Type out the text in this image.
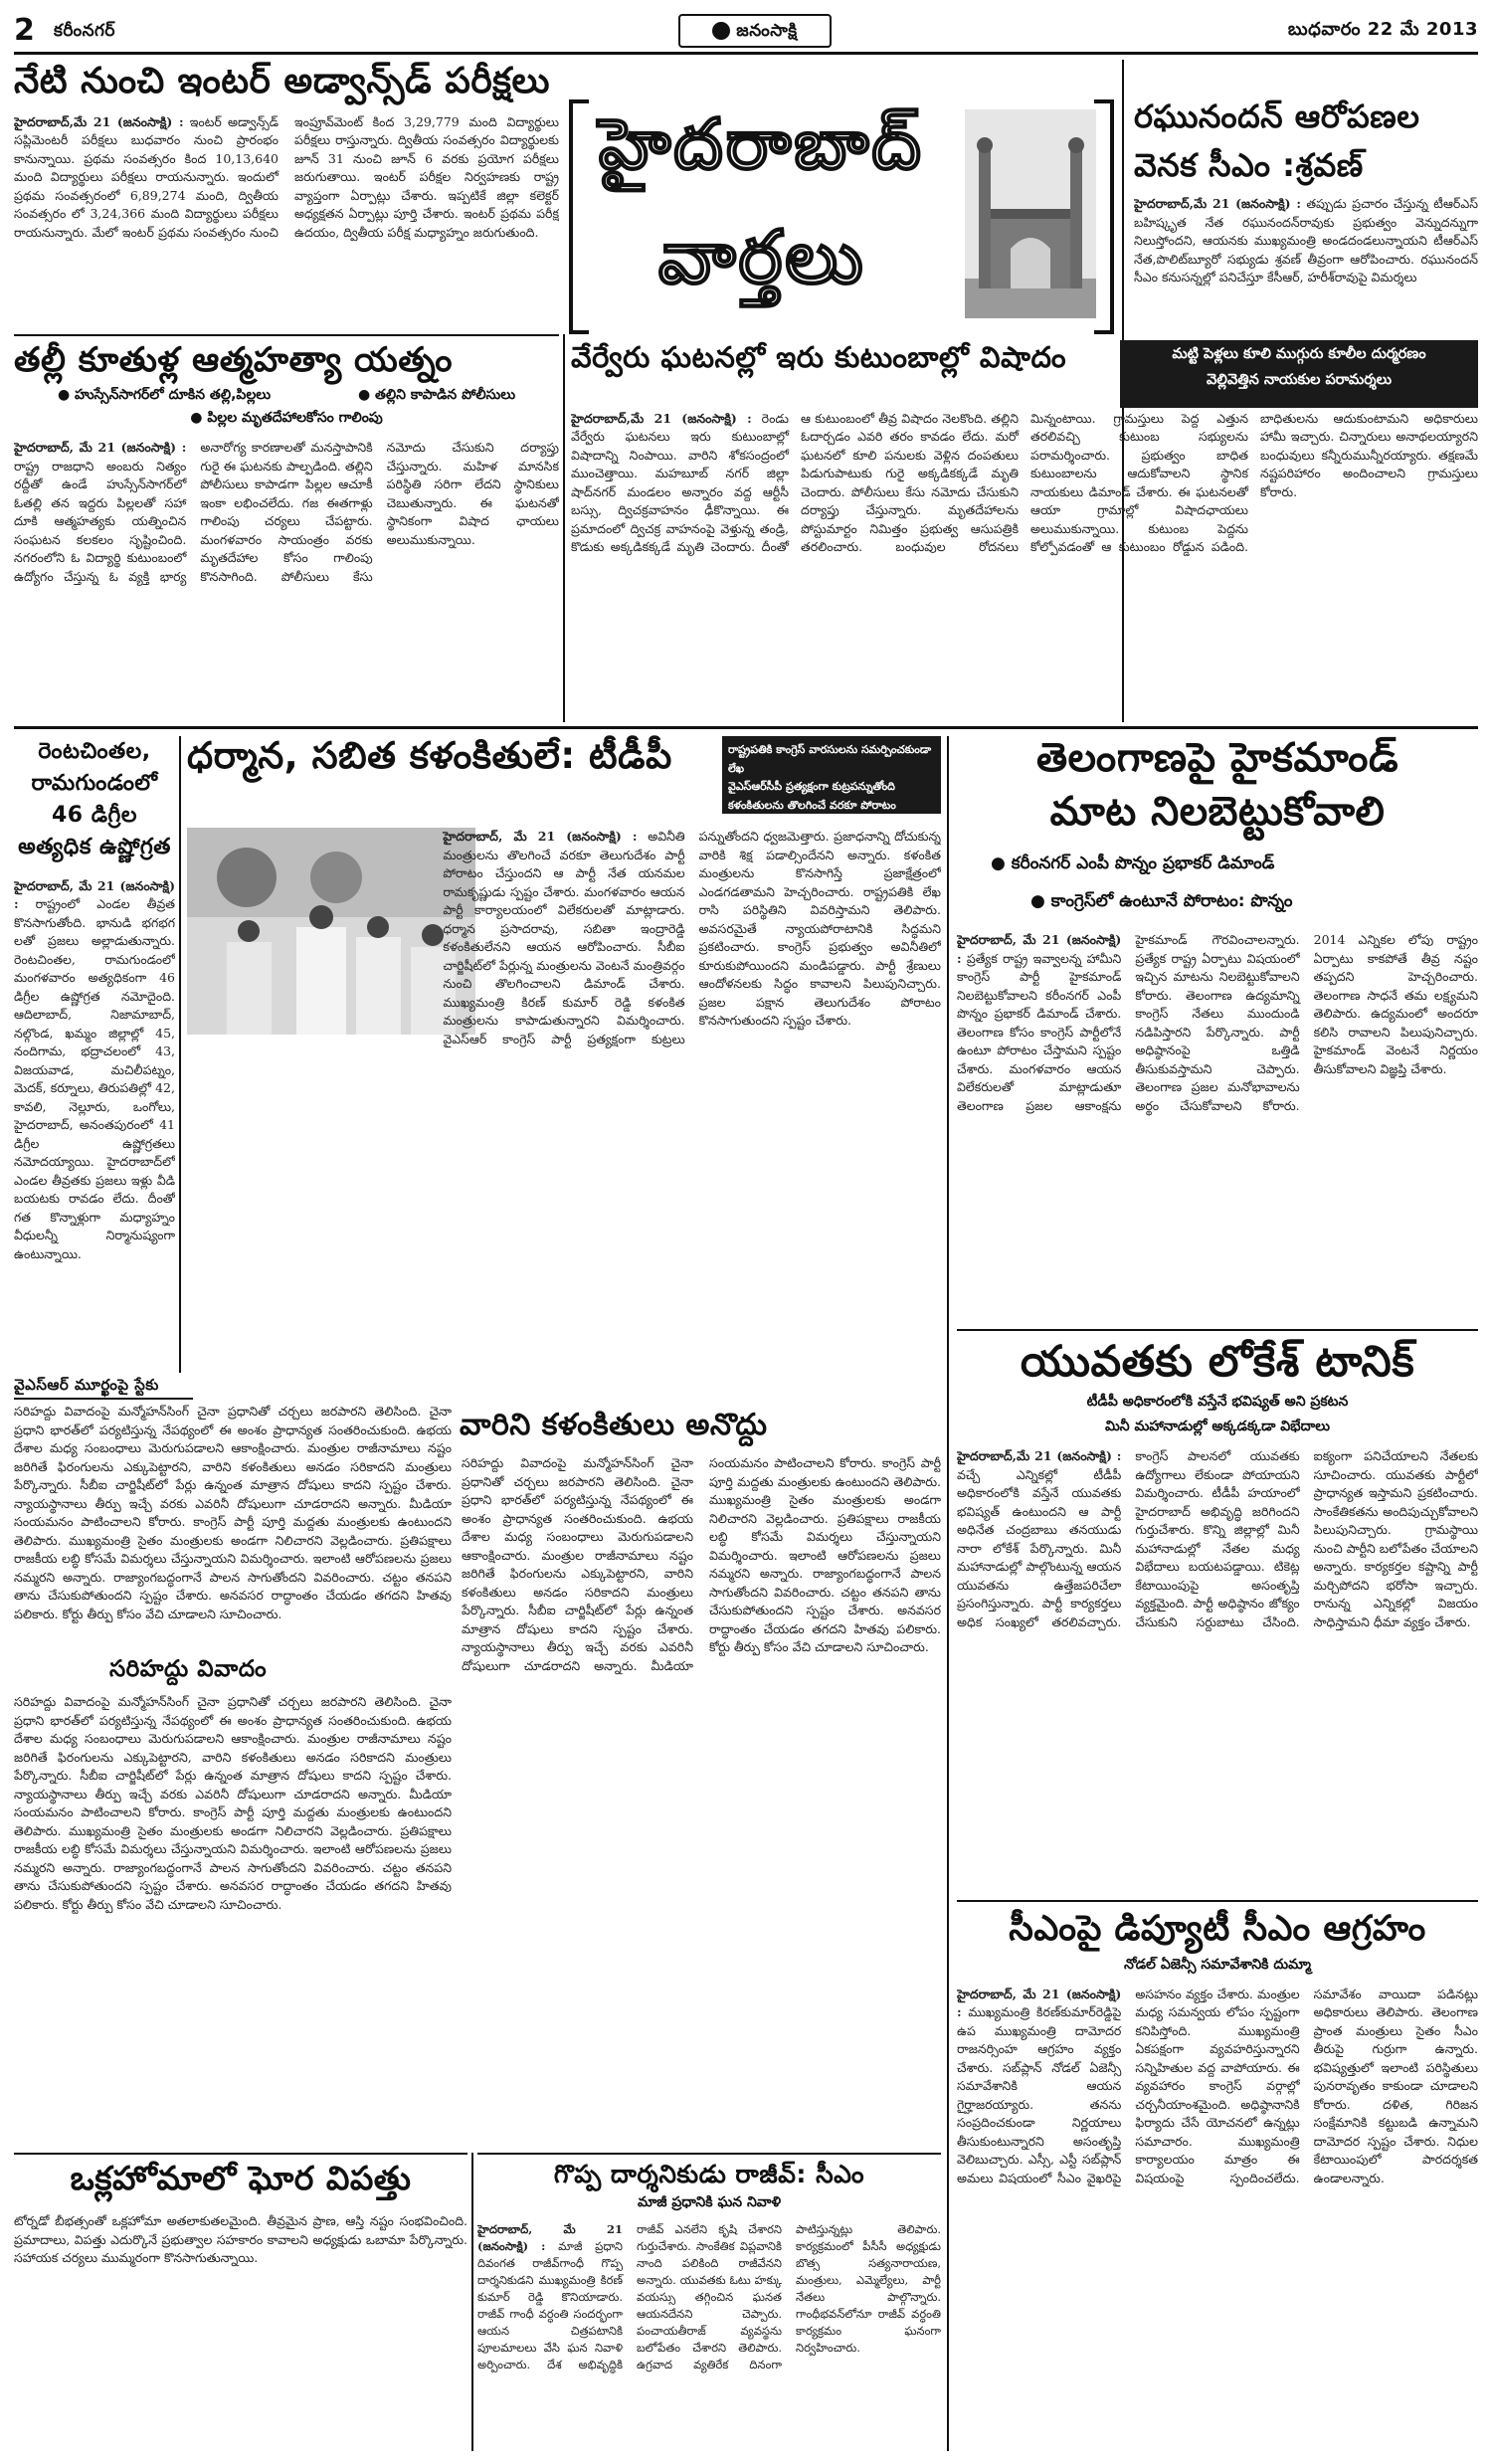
2 కరీంనగర్	జనంసాక్షి	బుధవారం 22 మే 2013
నేటి నుంచి ఇంటర్ అడ్వాన్స్‌డ్ పరీక్షలు
హైదరాబాద్,మే 21 (జనంసాక్షి) : ఇంటర్ అడ్వాన్స్‌డ్ సప్లిమెంటరీ పరీక్షలు బుధవారం నుంచి ప్రారంభం కానున్నాయి. ప్రథమ సంవత్సరం కింద 10,13,640 మంది విద్యార్థులు పరీక్షలు రాయనున్నారు. ఇందులో ప్రథమ సంవత్సరంలో 6,89,274 మంది, ద్వితీయ సంవత్సరం లో 3,24,366 మంది విద్యార్థులు పరీక్షలు రాయనున్నారు. మేలో ఇంటర్ ప్రథమ సంవత్సరం నుంచి ఇంప్రూవ్‌మెంట్ కింద 3,29,779 మంది విద్యార్థులు పరీక్షలు రాస్తున్నారు. ద్వితీయ సంవత్సరం విద్యార్థులకు జూన్ 31 నుంచి జూన్ 6 వరకు ప్రయోగ పరీక్షలు జరుగుతాయి. ఇంటర్ పరీక్షల నిర్వహణకు రాష్ట్ర వ్యాప్తంగా ఏర్పాట్లు చేశారు. ఇప్పటికే జిల్లా కలెక్టర్ అధ్యక్షతన ఏర్పాట్లు పూర్తి చేశారు. ఇంటర్ ప్రథమ పరీక్ష ఉదయం, ద్వితీయ పరీక్ష మధ్యాహ్నం జరుగుతుంది.
హైదరాబాద్
వార్తలు
రఘునందన్ ఆరోపణల
వెనక సీఎం :శ్రవణ్
హైదరాబాద్,మే 21 (జనంసాక్షి) : తప్పుడు ప్రచారం చేస్తున్న టీఆర్ఎస్ బహిష్కృత నేత రఘునందన్‌రావుకు ప్రభుత్వం వెన్నుదన్నుగా నిలుస్తోందని, ఆయనకు ముఖ్యమంత్రి అండదండలున్నాయని టీఆర్ఎస్ నేత,పొలిట్‌బ్యూరో సభ్యుడు శ్రవణ్ తీవ్రంగా ఆరోపించారు. రఘునందన్ సీఎం కనుసన్నల్లో పనిచేస్తూ కేసీఆర్, హరీశ్‌రావుపై విమర్శలు
తల్లీ కూతుళ్ల ఆత్మహత్యా యత్నం
● హుస్సేన్‌సాగర్‌లో దూకిన తల్లి,పిల్లలు
●	తల్లిని కాపాడిన పోలీసులు
● పిల్లల మృతదేహాలకోసం గాలింపు
హైదరాబాద్, మే 21 (జనంసాక్షి) : రాష్ట్ర రాజధాని అంబరు నిత్యం రద్దీతో ఉండే హుస్సేన్‌సాగర్‌లో ఓతల్లి తన ఇద్దరు పిల్లలతో సహా దూకి ఆత్మహత్యకు యత్నించిన సంఘటన కలకలం సృష్టించింది. నగరంలోని ఓ విద్యార్థి కుటుంబంలో ఉద్యోగం చేస్తున్న ఓ వ్యక్తి భార్య అనారోగ్య కారణాలతో మనస్తాపానికి గురై ఈ ఘటనకు పాల్పడింది. తల్లిని పోలీసులు కాపాడగా పిల్లల ఆచూకీ ఇంకా లభించలేదు. గజ ఈతగాళ్లు గాలింపు చర్యలు చేపట్టారు. మంగళవారం సాయంత్రం వరకు మృతదేహాల కోసం గాలింపు కొనసాగింది. పోలీసులు కేసు నమోదు చేసుకుని దర్యాప్తు చేస్తున్నారు. మహిళ మానసిక పరిస్థితి సరిగా లేదని స్థానికులు చెబుతున్నారు. ఈ ఘటనతో స్థానికంగా విషాద ఛాయలు అలుముకున్నాయి.
వేర్వేరు ఘటనల్లో ఇరు కుటుంబాల్లో విషాదం	మట్టి పెళ్లలు కూలి ముగ్గురు కూలీల దుర్మరణం
వెల్లివెత్తిన నాయకుల పరామర్శలు
హైదరాబాద్,మే 21 (జనంసాక్షి) : రెండు వేర్వేరు ఘటనలు ఇరు కుటుంబాల్లో విషాదాన్ని నింపాయి. వారిని శోకసంద్రంలో ముంచెత్తాయి. మహబూబ్ నగర్ జిల్లా షాద్‌నగర్ మండలం అన్నారం వద్ద ఆర్టీసీ బస్సు, ద్విచక్రవాహనం ఢీకొన్నాయి. ఈ ప్రమాదంలో ద్విచక్ర వాహనంపై వెళ్తున్న తండ్రి, కొడుకు అక్కడికక్కడే మృతి చెందారు. దీంతో ఆ కుటుంబంలో తీవ్ర విషాదం నెలకొంది. తల్లిని ఓదార్చడం ఎవరి తరం కావడం లేదు. మరో ఘటనలో కూలి పనులకు వెళ్లిన దంపతులు పిడుగుపాటుకు గురై అక్కడికక్కడే మృతి చెందారు. పోలీసులు కేసు నమోదు చేసుకుని దర్యాప్తు చేస్తున్నారు. మృతదేహాలను పోస్టుమార్టం నిమిత్తం ప్రభుత్వ ఆసుపత్రికి తరలించారు. బంధువుల రోదనలు మిన్నంటాయి. గ్రామస్తులు పెద్ద ఎత్తున తరలివచ్చి కుటుంబ సభ్యులను పరామర్శించారు. ప్రభుత్వం బాధిత కుటుంబాలను ఆదుకోవాలని స్థానిక నాయకులు డిమాండ్ చేశారు. ఈ ఘటనలతో ఆయా గ్రామాల్లో విషాదఛాయలు అలుముకున్నాయి. కుటుంబ పెద్దను కోల్పోవడంతో ఆ కుటుంబం రోడ్డున పడింది. బాధితులను ఆదుకుంటామని అధికారులు హామీ ఇచ్చారు. చిన్నారులు అనాథలయ్యారని బంధువులు కన్నీరుమున్నీరయ్యారు. తక్షణమే నష్టపరిహారం అందించాలని గ్రామస్తులు కోరారు.
రెంటచింతల, రామగుండంలో 46 డిగ్రీల అత్యధిక ఉష్ణోగ్రత
హైదరాబాద్, మే 21 (జనంసాక్షి) : రాష్ట్రంలో ఎండల తీవ్రత కొనసాగుతోంది. భానుడి భగభగ లతో ప్రజలు అల్లాడుతున్నారు. రెంటచింతల, రామగుండంలో మంగళవారం అత్యధికంగా 46 డిగ్రీల ఉష్ణోగ్రత నమోదైంది. ఆదిలాబాద్, నిజామాబాద్, నల్గొండ, ఖమ్మం జిల్లాల్లో 45, నందిగామ, భద్రాచలంలో 43, విజయవాడ, మచిలీపట్నం, మెదక్, కర్నూలు, తిరుపతిల్లో 42, కావలి, నెల్లూరు, ఒంగోలు, హైదరాబాద్, అనంతపురంలో 41 డిగ్రీల ఉష్ణోగ్రతలు నమోదయ్యాయి. హైదరాబాద్‌లో ఎండల తీవ్రతకు ప్రజలు ఇళ్లు వీడి బయటకు రావడం లేదు. దీంతో గత కొన్నాళ్లుగా మధ్యాహ్నం వీధులన్నీ నిర్మానుష్యంగా ఉంటున్నాయి.
ధర్మాన, సబిత కళంకితులే: టీడీపీ	రాష్ట్రపతికి కాంగ్రెస్ వారసులను సమర్పించకుండా లేఖ
వైఎస్ఆర్‌సీపీ ప్రత్యక్షంగా కుట్రపన్నుతోంది
కళంకితులను తొలగించే వరకూ పోరాటం
హైదరాబాద్, మే 21 (జనంసాక్షి) : అవినీతి మంత్రులను తొలగించే వరకూ తెలుగుదేశం పార్టీ పోరాటం చేస్తుందని ఆ పార్టీ నేత యనమల రామకృష్ణుడు స్పష్టం చేశారు. మంగళవారం ఆయన పార్టీ కార్యాలయంలో విలేకరులతో మాట్లాడారు. ధర్మాన ప్రసాదరావు, సబితా ఇంద్రారెడ్డి కళంకితులేనని ఆయన ఆరోపించారు. సీబీఐ చార్జిషీట్‌లో పేర్లున్న మంత్రులను వెంటనే మంత్రివర్గం నుంచి తొలగించాలని డిమాండ్ చేశారు. ముఖ్యమంత్రి కిరణ్ కుమార్ రెడ్డి కళంకిత మంత్రులను కాపాడుతున్నారని విమర్శించారు. వైఎస్ఆర్ కాంగ్రెస్ పార్టీ ప్రత్యక్షంగా కుట్రలు పన్నుతోందని ధ్వజమెత్తారు. ప్రజాధనాన్ని దోచుకున్న వారికి శిక్ష పడాల్సిందేనని అన్నారు. కళంకిత మంత్రులను కొనసాగిస్తే ప్రజాక్షేత్రంలో ఎండగడతామని హెచ్చరించారు. రాష్ట్రపతికి లేఖ రాసి పరిస్థితిని వివరిస్తామని తెలిపారు. అవసరమైతే న్యాయపోరాటానికి సిద్ధమని ప్రకటించారు. కాంగ్రెస్ ప్రభుత్వం అవినీతిలో కూరుకుపోయిందని మండిపడ్డారు. పార్టీ శ్రేణులు ఆందోళనలకు సిద్ధం కావాలని పిలుపునిచ్చారు. ప్రజల పక్షాన తెలుగుదేశం పోరాటం కొనసాగుతుందని స్పష్టం చేశారు.
తెలంగాణపై హైకమాండ్
మాట నిలబెట్టుకోవాలి
● కరీంనగర్ ఎంపీ పొన్నం ప్రభాకర్ డిమాండ్
● కాంగ్రెస్‌లో ఉంటూనే పోరాటం: పొన్నం
హైదరాబాద్, మే 21 (జనంసాక్షి) : ప్రత్యేక రాష్ట్ర ఇవ్వాలన్న హామీని కాంగ్రెస్ పార్టీ హైకమాండ్ నిలబెట్టుకోవాలని కరీంనగర్ ఎంపీ పొన్నం ప్రభాకర్ డిమాండ్ చేశారు. తెలంగాణ కోసం కాంగ్రెస్ పార్టీలోనే ఉంటూ పోరాటం చేస్తామని స్పష్టం చేశారు. మంగళవారం ఆయన విలేకరులతో మాట్లాడుతూ తెలంగాణ ప్రజల ఆకాంక్షను హైకమాండ్ గౌరవించాలన్నారు. ప్రత్యేక రాష్ట్ర ఏర్పాటు విషయంలో ఇచ్చిన మాటను నిలబెట్టుకోవాలని కోరారు. తెలంగాణ ఉద్యమాన్ని కాంగ్రెస్ నేతలు ముందుండి నడిపిస్తారని పేర్కొన్నారు. పార్టీ అధిష్ఠానంపై ఒత్తిడి తీసుకువస్తామని చెప్పారు. తెలంగాణ ప్రజల మనోభావాలను అర్థం చేసుకోవాలని కోరారు. 2014 ఎన్నికల లోపు రాష్ట్రం ఏర్పాటు కాకపోతే తీవ్ర నష్టం తప్పదని హెచ్చరించారు. తెలంగాణ సాధనే తమ లక్ష్యమని తెలిపారు. ఉద్యమంలో అందరూ కలిసి రావాలని పిలుపునిచ్చారు. హైకమాండ్ వెంటనే నిర్ణయం తీసుకోవాలని విజ్ఞప్తి చేశారు.
వైఎస్‌ఆర్ మూర్ఖంపై స్టేకు
వారిని కళంకితులు అనొద్దు
సరిహద్దు వివాదం
సరిహద్దు వివాదంపై మన్మోహన్‌సింగ్ చైనా ప్రధానితో చర్చలు జరపారని తెలిసింది. చైనా ప్రధాని భారత్‌లో పర్యటిస్తున్న నేపథ్యంలో ఈ అంశం ప్రాధాన్యత సంతరించుకుంది. ఉభయ దేశాల మధ్య సంబంధాలు మెరుగుపడాలని ఆకాంక్షించారు. మంత్రుల రాజీనామాలు నష్టం జరిగితే ఫిరంగులను ఎక్కుపెట్టారని, వారిని కళంకితులు అనడం సరికాదని మంత్రులు పేర్కొన్నారు. సీబీఐ చార్జిషీట్‌లో పేర్లు ఉన్నంత మాత్రాన దోషులు కాదని స్పష్టం చేశారు. న్యాయస్థానాలు తీర్పు ఇచ్చే వరకు ఎవరినీ దోషులుగా చూడరాదని అన్నారు. మీడియా సంయమనం పాటించాలని కోరారు. కాంగ్రెస్ పార్టీ పూర్తి మద్దతు మంత్రులకు ఉంటుందని తెలిపారు. ముఖ్యమంత్రి సైతం మంత్రులకు అండగా నిలిచారని వెల్లడించారు. ప్రతిపక్షాలు రాజకీయ లబ్ధి కోసమే విమర్శలు చేస్తున్నాయని విమర్శించారు. ఇలాంటి ఆరోపణలను ప్రజలు నమ్మరని అన్నారు. రాజ్యాంగబద్ధంగానే పాలన సాగుతోందని వివరించారు. చట్టం తనపని తాను చేసుకుపోతుందని స్పష్టం చేశారు. అనవసర రాద్ధాంతం చేయడం తగదని హితవు పలికారు. కోర్టు తీర్పు కోసం వేచి చూడాలని సూచించారు.
సరిహద్దు వివాదంపై మన్మోహన్‌సింగ్ చైనా ప్రధానితో చర్చలు జరపారని తెలిసింది. చైనా ప్రధాని భారత్‌లో పర్యటిస్తున్న నేపథ్యంలో ఈ అంశం ప్రాధాన్యత సంతరించుకుంది. ఉభయ దేశాల మధ్య సంబంధాలు మెరుగుపడాలని ఆకాంక్షించారు. మంత్రుల రాజీనామాలు నష్టం జరిగితే ఫిరంగులను ఎక్కుపెట్టారని, వారిని కళంకితులు అనడం సరికాదని మంత్రులు పేర్కొన్నారు. సీబీఐ చార్జిషీట్‌లో పేర్లు ఉన్నంత మాత్రాన దోషులు కాదని స్పష్టం చేశారు. న్యాయస్థానాలు తీర్పు ఇచ్చే వరకు ఎవరినీ దోషులుగా చూడరాదని అన్నారు. మీడియా సంయమనం పాటించాలని కోరారు. కాంగ్రెస్ పార్టీ పూర్తి మద్దతు మంత్రులకు ఉంటుందని తెలిపారు. ముఖ్యమంత్రి సైతం మంత్రులకు అండగా నిలిచారని వెల్లడించారు. ప్రతిపక్షాలు రాజకీయ లబ్ధి కోసమే విమర్శలు చేస్తున్నాయని విమర్శించారు. ఇలాంటి ఆరోపణలను ప్రజలు నమ్మరని అన్నారు. రాజ్యాంగబద్ధంగానే పాలన సాగుతోందని వివరించారు. చట్టం తనపని తాను చేసుకుపోతుందని స్పష్టం చేశారు. అనవసర రాద్ధాంతం చేయడం తగదని హితవు పలికారు. కోర్టు తీర్పు కోసం వేచి చూడాలని సూచించారు.
సరిహద్దు వివాదంపై మన్మోహన్‌సింగ్ చైనా ప్రధానితో చర్చలు జరపారని తెలిసింది. చైనా ప్రధాని భారత్‌లో పర్యటిస్తున్న నేపథ్యంలో ఈ అంశం ప్రాధాన్యత సంతరించుకుంది. ఉభయ దేశాల మధ్య సంబంధాలు మెరుగుపడాలని ఆకాంక్షించారు. మంత్రుల రాజీనామాలు నష్టం జరిగితే ఫిరంగులను ఎక్కుపెట్టారని, వారిని కళంకితులు అనడం సరికాదని మంత్రులు పేర్కొన్నారు. సీబీఐ చార్జిషీట్‌లో పేర్లు ఉన్నంత మాత్రాన దోషులు కాదని స్పష్టం చేశారు. న్యాయస్థానాలు తీర్పు ఇచ్చే వరకు ఎవరినీ దోషులుగా చూడరాదని అన్నారు. మీడియా సంయమనం పాటించాలని కోరారు. కాంగ్రెస్ పార్టీ పూర్తి మద్దతు మంత్రులకు ఉంటుందని తెలిపారు. ముఖ్యమంత్రి సైతం మంత్రులకు అండగా నిలిచారని వెల్లడించారు. ప్రతిపక్షాలు రాజకీయ లబ్ధి కోసమే విమర్శలు చేస్తున్నాయని విమర్శించారు. ఇలాంటి ఆరోపణలను ప్రజలు నమ్మరని అన్నారు. రాజ్యాంగబద్ధంగానే పాలన సాగుతోందని వివరించారు. చట్టం తనపని తాను చేసుకుపోతుందని స్పష్టం చేశారు. అనవసర రాద్ధాంతం చేయడం తగదని హితవు పలికారు. కోర్టు తీర్పు కోసం వేచి చూడాలని సూచించారు.
యువతకు లోకేశ్ టానిక్
టీడీపీ అధికారంలోకి వస్తేనే భవిష్యత్ అని ప్రకటన
మినీ మహానాడుల్లో అక్కడక్కడా విభేదాలు
హైదరాబాద్,మే 21 (జనంసాక్షి) : వచ్చే ఎన్నికల్లో టీడీపీ అధికారంలోకి వస్తేనే యువతకు భవిష్యత్ ఉంటుందని ఆ పార్టీ అధినేత చంద్రబాబు తనయుడు నారా లోకేశ్ పేర్కొన్నారు. మినీ మహానాడుల్లో పాల్గొంటున్న ఆయన యువతను ఉత్తేజపరిచేలా ప్రసంగిస్తున్నారు. పార్టీ కార్యకర్తలు అధిక సంఖ్యలో తరలివచ్చారు. కాంగ్రెస్ పాలనలో యువతకు ఉద్యోగాలు లేకుండా పోయాయని విమర్శించారు. టీడీపీ హయాంలో హైదరాబాద్ అభివృద్ధి జరిగిందని గుర్తుచేశారు. కొన్ని జిల్లాల్లో మినీ మహానాడుల్లో నేతల మధ్య విభేదాలు బయటపడ్డాయి. టికెట్ల కేటాయింపుపై అసంతృప్తి వ్యక్తమైంది. పార్టీ అధిష్ఠానం జోక్యం చేసుకుని సర్దుబాటు చేసింది. ఐక్యంగా పనిచేయాలని నేతలకు సూచించారు. యువతకు పార్టీలో ప్రాధాన్యత ఇస్తామని ప్రకటించారు. సాంకేతికతను అందిపుచ్చుకోవాలని పిలుపునిచ్చారు. గ్రామస్థాయి నుంచి పార్టీని బలోపేతం చేయాలని అన్నారు. కార్యకర్తల కష్టాన్ని పార్టీ మర్చిపోదని భరోసా ఇచ్చారు. రానున్న ఎన్నికల్లో విజయం సాధిస్తామని ధీమా వ్యక్తం చేశారు.
సీఎంపై డిప్యూటీ సీఎం ఆగ్రహం
నోడల్ ఏజెన్సీ సమావేశానికి దుమ్మా
హైదరాబాద్, మే 21 (జనంసాక్షి) : ముఖ్యమంత్రి కిరణ్‌కుమార్‌రెడ్డిపై ఉప ముఖ్యమంత్రి దామోదర రాజనర్సింహ ఆగ్రహం వ్యక్తం చేశారు. సబ్‌ప్లాన్ నోడల్ ఏజెన్సీ సమావేశానికి ఆయన గైర్హాజరయ్యారు. తనను సంప్రదించకుండా నిర్ణయాలు తీసుకుంటున్నారని అసంతృప్తి వెలిబుచ్చారు. ఎస్సీ, ఎస్టీ సబ్‌ప్లాన్ అమలు విషయంలో సీఎం వైఖరిపై అసహనం వ్యక్తం చేశారు. మంత్రుల మధ్య సమన్వయ లోపం స్పష్టంగా కనిపిస్తోంది. ముఖ్యమంత్రి ఏకపక్షంగా వ్యవహరిస్తున్నారని సన్నిహితుల వద్ద వాపోయారు. ఈ వ్యవహారం కాంగ్రెస్ వర్గాల్లో చర్చనీయాంశమైంది. అధిష్ఠానానికి ఫిర్యాదు చేసే యోచనలో ఉన్నట్లు సమాచారం. ముఖ్యమంత్రి కార్యాలయం మాత్రం ఈ విషయంపై స్పందించలేదు. సమావేశం వాయిదా పడినట్లు అధికారులు తెలిపారు. తెలంగాణ ప్రాంత మంత్రులు సైతం సీఎం తీరుపై గుర్రుగా ఉన్నారు. భవిష్యత్తులో ఇలాంటి పరిస్థితులు పునరావృతం కాకుండా చూడాలని కోరారు. దళిత, గిరిజన సంక్షేమానికి కట్టుబడి ఉన్నామని దామోదర స్పష్టం చేశారు. నిధుల కేటాయింపులో పారదర్శకత ఉండాలన్నారు.
గొప్ప దార్శనికుడు రాజీవ్: సీఎం
మాజీ ప్రధానికి ఘన నివాళి
హైదరాబాద్, మే 21 (జనంసాక్షి) : మాజీ ప్రధాని దివంగత రాజీవ్‌గాంధీ గొప్ప దార్శనికుడని ముఖ్యమంత్రి కిరణ్ కుమార్ రెడ్డి కొనియాడారు. రాజీవ్ గాంధీ వర్ధంతి సందర్భంగా ఆయన చిత్రపటానికి పూలమాలలు వేసి ఘన నివాళి అర్పించారు. దేశ అభివృద్ధికి రాజీవ్ ఎనలేని కృషి చేశారని గుర్తుచేశారు. సాంకేతిక విప్లవానికి నాంది పలికింది రాజీవేనని అన్నారు. యువతకు ఓటు హక్కు వయస్సు తగ్గించిన ఘనత ఆయనదేనని చెప్పారు. పంచాయతీరాజ్ వ్యవస్థను బలోపేతం చేశారని తెలిపారు. ఉగ్రవాద వ్యతిరేక దినంగా పాటిస్తున్నట్లు తెలిపారు. కార్యక్రమంలో పీసీసీ అధ్యక్షుడు బొత్స సత్యనారాయణ, మంత్రులు, ఎమ్మెల్యేలు, పార్టీ నేతలు పాల్గొన్నారు. గాంధీభవన్‌లోనూ రాజీవ్ వర్ధంతి కార్యక్రమం ఘనంగా నిర్వహించారు.
ఒక్లహోమాలో ఘోర విపత్తు
టోర్నడో బీభత్సంతో ఒక్లహోమా అతలాకుతలమైంది. తీవ్రమైన ప్రాణ, ఆస్తి నష్టం సంభవించింది. ప్రమాదాలు, విపత్తు ఎదుర్కొనే ప్రభుత్వాల సహకారం కావాలని అధ్యక్షుడు ఒబామా పేర్కొన్నారు. సహాయక చర్యలు ముమ్మరంగా కొనసాగుతున్నాయి.
